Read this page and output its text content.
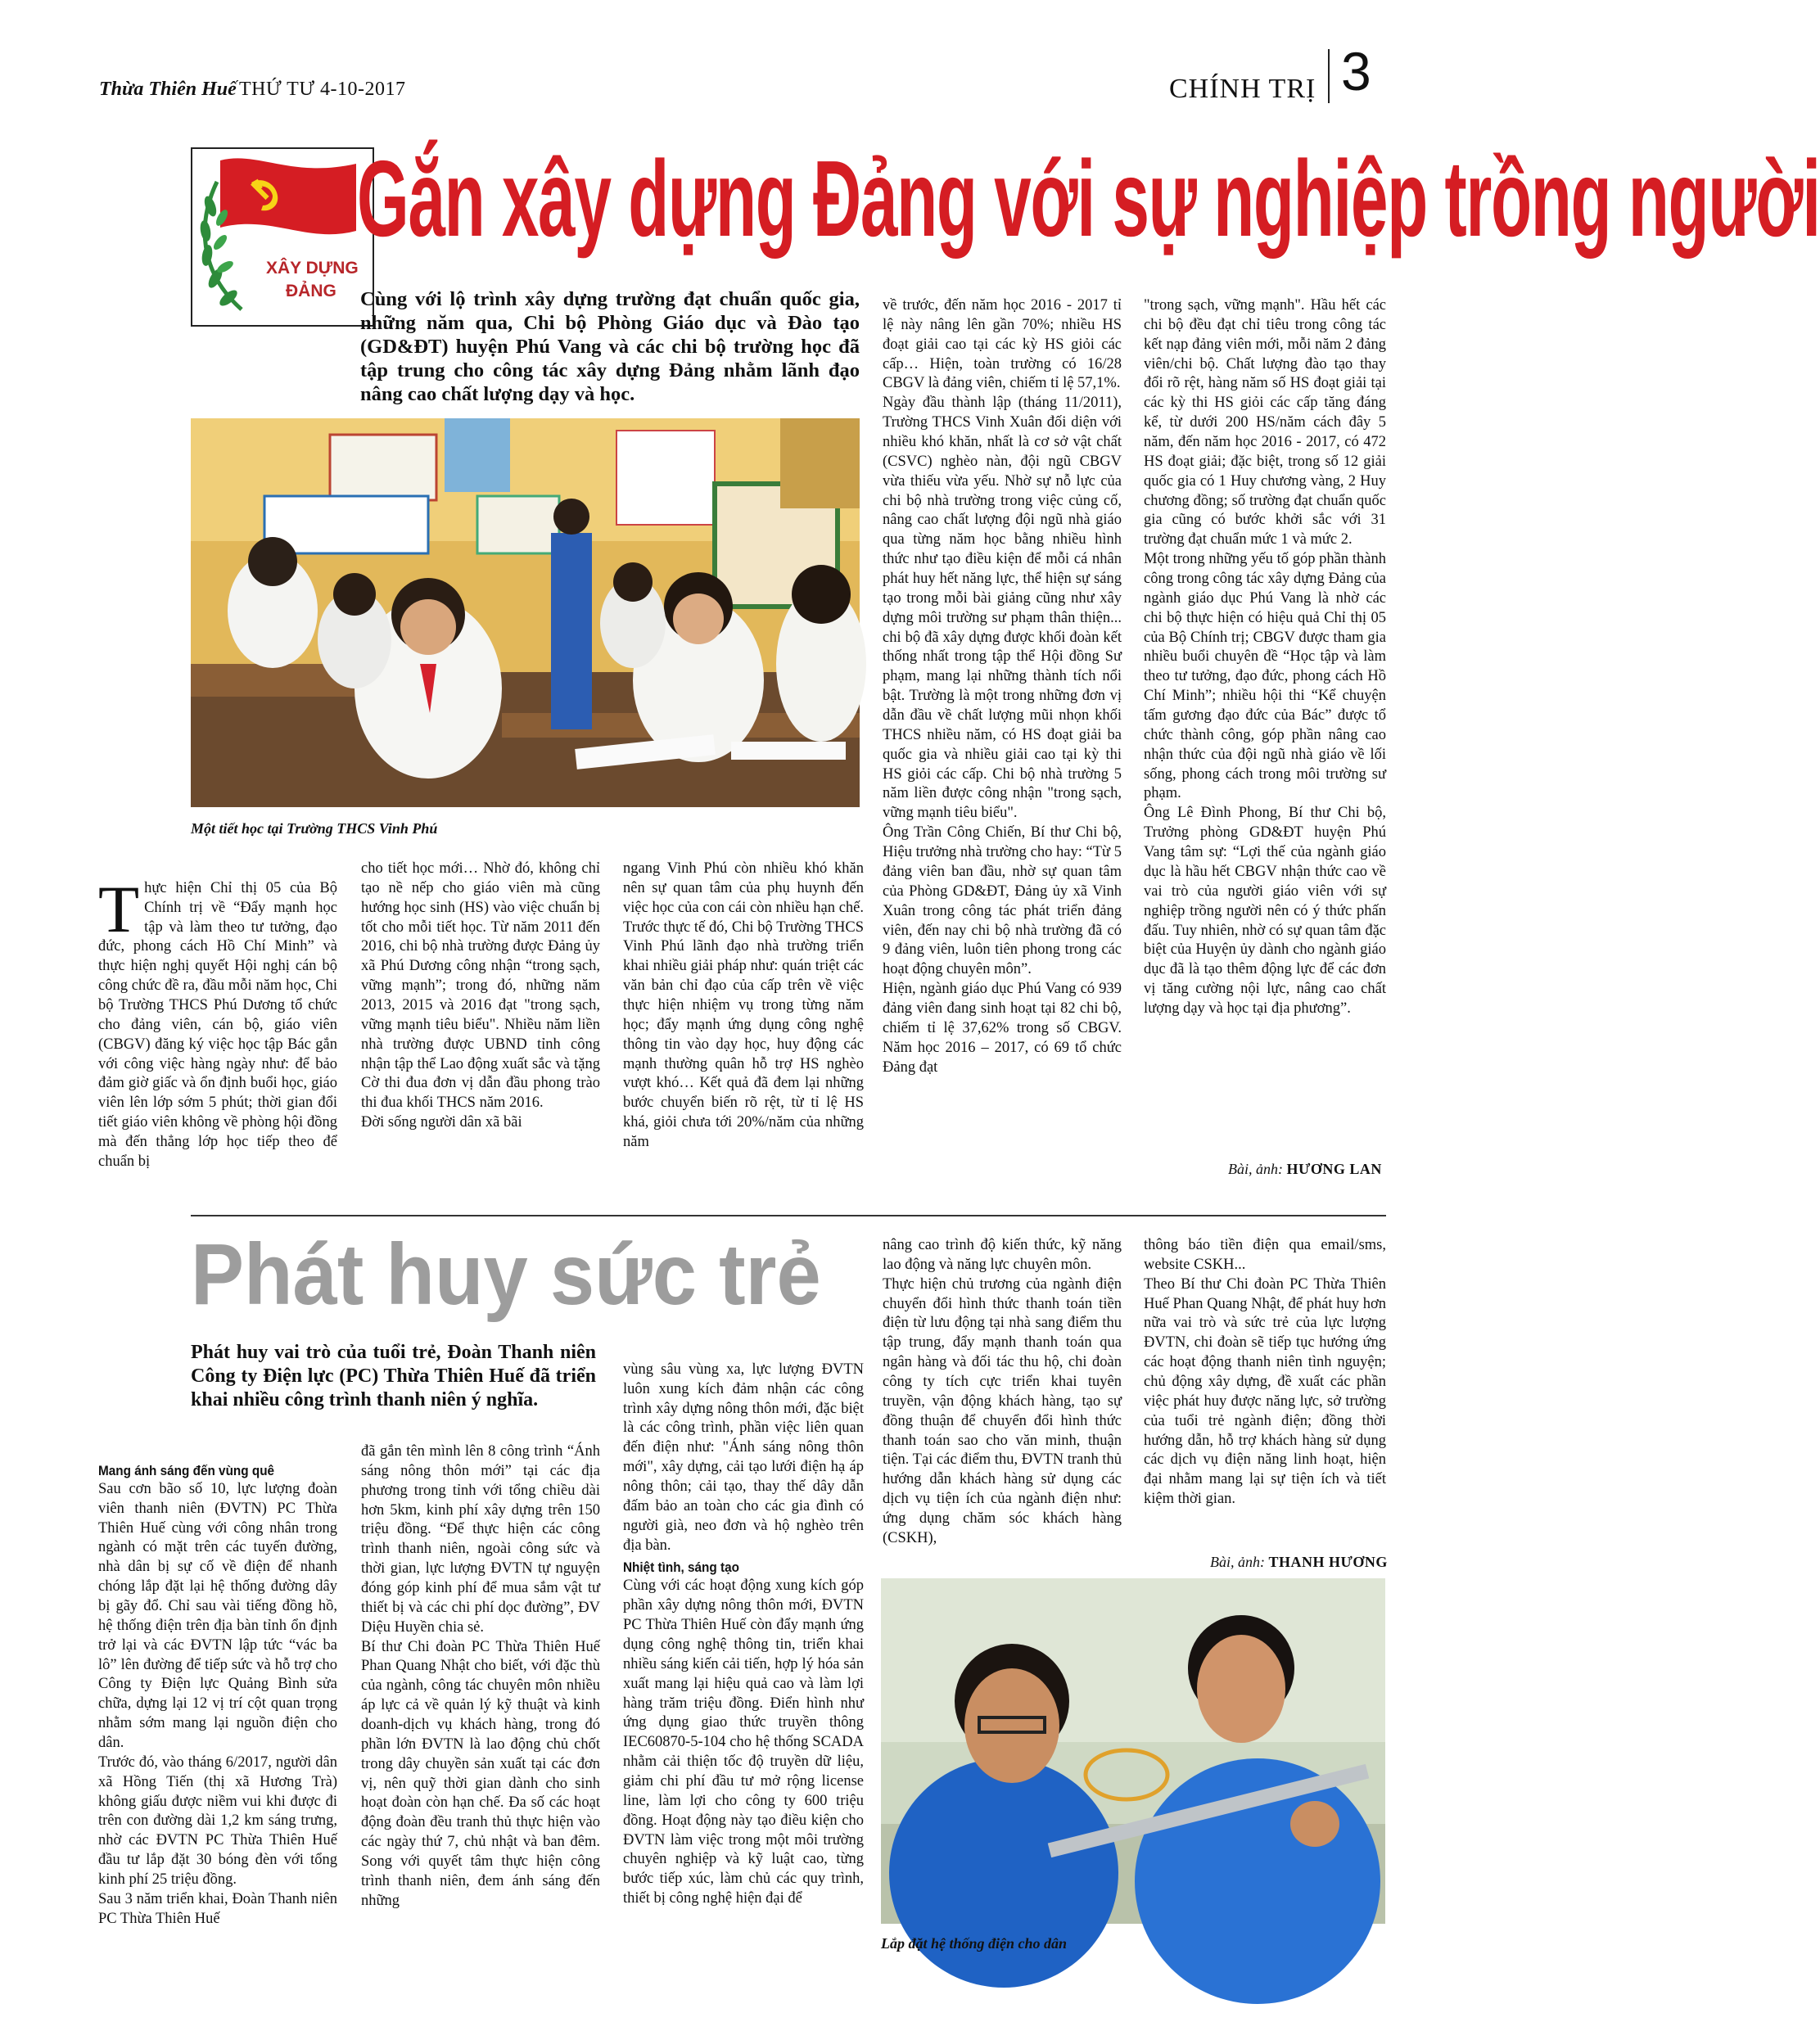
Thừa Thiên Huế THỨ TƯ 4-10-2017	CHÍNH TRỊ 3
XÂY DỰNG
ĐẢNG
Gắn xây dựng Đảng với sự nghiệp trồng người
Cùng với lộ trình xây dựng trường đạt chuẩn quốc gia, những năm qua, Chi bộ Phòng Giáo dục và Đào tạo (GD&ĐT) huyện Phú Vang và các chi bộ trường học đã tập trung cho công tác xây dựng Đảng nhằm lãnh đạo nâng cao chất lượng dạy và học.
Một tiết học tại Trường THCS Vinh Phú

Thực hiện Chỉ thị 05 của Bộ Chính trị về “Đẩy mạnh học tập và làm theo tư tưởng, đạo đức, phong cách Hồ Chí Minh” và thực hiện nghị quyết Hội nghị cán bộ công chức đề ra, đầu mỗi năm học, Chi bộ Trường THCS Phú Dương tổ chức cho đảng viên, cán bộ, giáo viên (CBGV) đăng ký việc học tập Bác gắn với công việc hàng ngày như: để bảo đảm giờ giấc và ổn định buổi học, giáo viên lên lớp sớm 5 phút; thời gian đổi tiết giáo viên không về phòng hội đồng mà đến thẳng lớp học tiếp theo để chuẩn bị

cho tiết học mới… Nhờ đó, không chỉ tạo nề nếp cho giáo viên mà cũng hướng học sinh (HS) vào việc chuẩn bị tốt cho mỗi tiết học. Từ năm 2011 đến 2016, chi bộ nhà trường được Đảng ủy xã Phú Dương công nhận “trong sạch, vững mạnh”; trong đó, những năm 2013, 2015 và 2016 đạt "trong sạch, vững mạnh tiêu biểu". Nhiều năm liền nhà trường được UBND tỉnh công nhận tập thể Lao động xuất sắc và tặng Cờ thi đua đơn vị dẫn đầu phong trào thi đua khối THCS năm 2016.
Đời sống người dân xã bãi
ngang Vinh Phú còn nhiều khó khăn nên sự quan tâm của phụ huynh đến việc học của con cái còn nhiều hạn chế. Trước thực tế đó, Chi bộ Trường THCS Vinh Phú lãnh đạo nhà trường triển khai nhiều giải pháp như: quán triệt các văn bản chỉ đạo của cấp trên về việc thực hiện nhiệm vụ trong từng năm học; đẩy mạnh ứng dụng công nghệ thông tin vào dạy học, huy động các mạnh thường quân hỗ trợ HS nghèo vượt khó… Kết quả đã đem lại những bước chuyển biến rõ rệt, từ tỉ lệ HS khá, giỏi chưa tới 20%/năm của những năm
về trước, đến năm học 2016 - 2017 tỉ lệ này nâng lên gần 70%; nhiều HS đoạt giải cao tại các kỳ HS giỏi các cấp… Hiện, toàn trường có 16/28 CBGV là đảng viên, chiếm tỉ lệ 57,1%.
Ngày đầu thành lập (tháng 11/2011), Trường THCS Vinh Xuân đối diện với nhiều khó khăn, nhất là cơ sở vật chất (CSVC) nghèo nàn, đội ngũ CBGV vừa thiếu vừa yếu. Nhờ sự nỗ lực của chi bộ nhà trường trong việc củng cố, nâng cao chất lượng đội ngũ nhà giáo qua từng năm học bằng nhiều hình thức như tạo điều kiện để mỗi cá nhân phát huy hết năng lực, thể hiện sự sáng tạo trong mỗi bài giảng cũng như xây dựng môi trường sư phạm thân thiện... chi bộ đã xây dựng được khối đoàn kết thống nhất trong tập thể Hội đồng Sư phạm, mang lại những thành tích nổi bật. Trường là một trong những đơn vị dẫn đầu về chất lượng mũi nhọn khối THCS nhiều năm, có HS đoạt giải ba quốc gia và nhiều giải cao tại kỳ thi HS giỏi các cấp. Chi bộ nhà trường 5 năm liền được công nhận "trong sạch, vững mạnh tiêu biểu".
Ông Trần Công Chiến, Bí thư Chi bộ, Hiệu trưởng nhà trường cho hay: “Từ 5 đảng viên ban đầu, nhờ sự quan tâm của Phòng GD&ĐT, Đảng ủy xã Vinh Xuân trong công tác phát triển đảng viên, đến nay chi bộ nhà trường đã có 9 đảng viên, luôn tiên phong trong các hoạt động chuyên môn”.
Hiện, ngành giáo dục Phú Vang có 939 đảng viên đang sinh hoạt tại 82 chi bộ, chiếm tỉ lệ 37,62% trong số CBGV. Năm học 2016 – 2017, có 69 tổ chức Đảng đạt
"trong sạch, vững mạnh". Hầu hết các chi bộ đều đạt chỉ tiêu trong công tác kết nạp đảng viên mới, mỗi năm 2 đảng viên/chi bộ. Chất lượng đào tạo thay đổi rõ rệt, hàng năm số HS đoạt giải tại các kỳ thi HS giỏi các cấp tăng đáng kể, từ dưới 200 HS/năm cách đây 5 năm, đến năm học 2016 - 2017, có 472 HS đoạt giải; đặc biệt, trong số 12 giải quốc gia có 1 Huy chương vàng, 2 Huy chương đồng; số trường đạt chuẩn quốc gia cũng có bước khởi sắc với 31 trường đạt chuẩn mức 1 và mức 2.
Một trong những yếu tố góp phần thành công trong công tác xây dựng Đảng của ngành giáo dục Phú Vang là nhờ các chi bộ thực hiện có hiệu quả Chỉ thị 05 của Bộ Chính trị; CBGV được tham gia nhiều buổi chuyên đề “Học tập và làm theo tư tưởng, đạo đức, phong cách Hồ Chí Minh”; nhiều hội thi “Kể chuyện tấm gương đạo đức của Bác” được tổ chức thành công, góp phần nâng cao nhận thức của đội ngũ nhà giáo về lối sống, phong cách trong môi trường sư phạm.
Ông Lê Đình Phong, Bí thư Chi bộ, Trưởng phòng GD&ĐT huyện Phú Vang tâm sự: “Lợi thế của ngành giáo dục là hầu hết CBGV nhận thức cao về vai trò của người giáo viên với sự nghiệp trồng người nên có ý thức phấn đấu. Tuy nhiên, nhờ có sự quan tâm đặc biệt của Huyện ủy dành cho ngành giáo dục đã là tạo thêm động lực để các đơn vị tăng cường nội lực, nâng cao chất lượng dạy và học tại địa phương”.
Bài, ảnh: HƯƠNG LAN
Phát huy sức trẻ
Phát huy vai trò của tuổi trẻ, Đoàn Thanh niên Công ty Điện lực (PC) Thừa Thiên Huế đã triển khai nhiều công trình thanh niên ý nghĩa.

Mang ánh sáng đến vùng quê
Sau cơn bão số 10, lực lượng đoàn viên thanh niên (ĐVTN) PC Thừa Thiên Huế cùng với công nhân trong ngành có mặt trên các tuyến đường, nhà dân bị sự cố về điện để nhanh chóng lắp đặt lại hệ thống đường dây bị gãy đổ. Chỉ sau vài tiếng đồng hồ, hệ thống điện trên địa bàn tỉnh ổn định trở lại và các ĐVTN lập tức “vác ba lô” lên đường để tiếp sức và hỗ trợ cho Công ty Điện lực Quảng Bình sửa chữa, dựng lại 12 vị trí cột quan trọng nhằm sớm mang lại nguồn điện cho dân.
Trước đó, vào tháng 6/2017, người dân xã Hồng Tiến (thị xã Hương Trà) không giấu được niềm vui khi được đi trên con đường dài 1,2 km sáng trưng, nhờ các ĐVTN PC Thừa Thiên Huế đầu tư lắp đặt 30 bóng đèn với tổng kinh phí 25 triệu đồng.
Sau 3 năm triển khai, Đoàn Thanh niên PC Thừa Thiên Huế

đã gắn tên mình lên 8 công trình “Ánh sáng nông thôn mới” tại các địa phương trong tỉnh với tổng chiều dài hơn 5km, kinh phí xây dựng trên 150 triệu đồng. “Để thực hiện các công trình thanh niên, ngoài công sức và thời gian, lực lượng ĐVTN tự nguyện đóng góp kinh phí để mua sắm vật tư thiết bị và các chi phí dọc đường”, ĐV Diệu Huyền chia sẻ.
Bí thư Chi đoàn PC Thừa Thiên Huế Phan Quang Nhật cho biết, với đặc thù của ngành, công tác chuyên môn nhiều áp lực cả về quản lý kỹ thuật và kinh doanh-dịch vụ khách hàng, trong đó phần lớn ĐVTN là lao động chủ chốt trong dây chuyền sản xuất tại các đơn vị, nên quỹ thời gian dành cho sinh hoạt đoàn còn hạn chế. Đa số các hoạt động đoàn đều tranh thủ thực hiện vào các ngày thứ 7, chủ nhật và ban đêm. Song với quyết tâm thực hiện công trình thanh niên, đem ánh sáng đến những

vùng sâu vùng xa, lực lượng ĐVTN luôn xung kích đảm nhận các công trình xây dựng nông thôn mới, đặc biệt là các công trình, phần việc liên quan đến điện như: "Ánh sáng nông thôn mới", xây dựng, cải tạo lưới điện hạ áp nông thôn; cải tạo, thay thế dây dẫn đấm bảo an toàn cho các gia đình có người già, neo đơn và hộ nghèo trên địa bàn.

Nhiệt tình, sáng tạo
Cùng với các hoạt động xung kích góp phần xây dựng nông thôn mới, ĐVTN PC Thừa Thiên Huế còn đẩy mạnh ứng dụng công nghệ thông tin, triển khai nhiều sáng kiến cải tiến, hợp lý hóa sản xuất mang lại hiệu quả cao và làm lợi hàng trăm triệu đồng. Điển hình như ứng dụng giao thức truyền thông IEC60870-5-104 cho hệ thống SCADA nhằm cải thiện tốc độ truyền dữ liệu, giảm chi phí đầu tư mở rộng license line, làm lợi cho công ty 600 triệu đồng. Hoạt động này tạo điều kiện cho ĐVTN làm việc trong một môi trường chuyên nghiệp và kỹ luật cao, từng bước tiếp xúc, làm chủ các quy trình, thiết bị công nghệ hiện đại để

nâng cao trình độ kiến thức, kỹ năng lao động và năng lực chuyên môn.
Thực hiện chủ trương của ngành điện chuyển đổi hình thức thanh toán tiền điện từ lưu động tại nhà sang điểm thu tập trung, đẩy mạnh thanh toán qua ngân hàng và đối tác thu hộ, chi đoàn công ty tích cực triển khai tuyên truyền, vận động khách hàng, tạo sự đồng thuận để chuyển đổi hình thức thanh toán sao cho văn minh, thuận tiện. Tại các điểm thu, ĐVTN tranh thủ hướng dẫn khách hàng sử dụng các dịch vụ tiện ích của ngành điện như: ứng dụng chăm sóc khách hàng (CSKH),
thông báo tiền điện qua email/sms, website CSKH...
Theo Bí thư Chi đoàn PC Thừa Thiên Huế Phan Quang Nhật, để phát huy hơn nữa vai trò và sức trẻ của lực lượng ĐVTN, chi đoàn sẽ tiếp tục hướng ứng các hoạt động thanh niên tình nguyện; chủ động xây dựng, đề xuất các phần việc phát huy được năng lực, sở trường của tuổi trẻ ngành điện; đồng thời hướng dẫn, hỗ trợ khách hàng sử dụng các dịch vụ điện năng linh hoạt, hiện đại nhằm mang lại sự tiện ích và tiết kiệm thời gian.
Bài, ảnh: THANH HƯƠNG
Lắp đặt hệ thống điện cho dân
